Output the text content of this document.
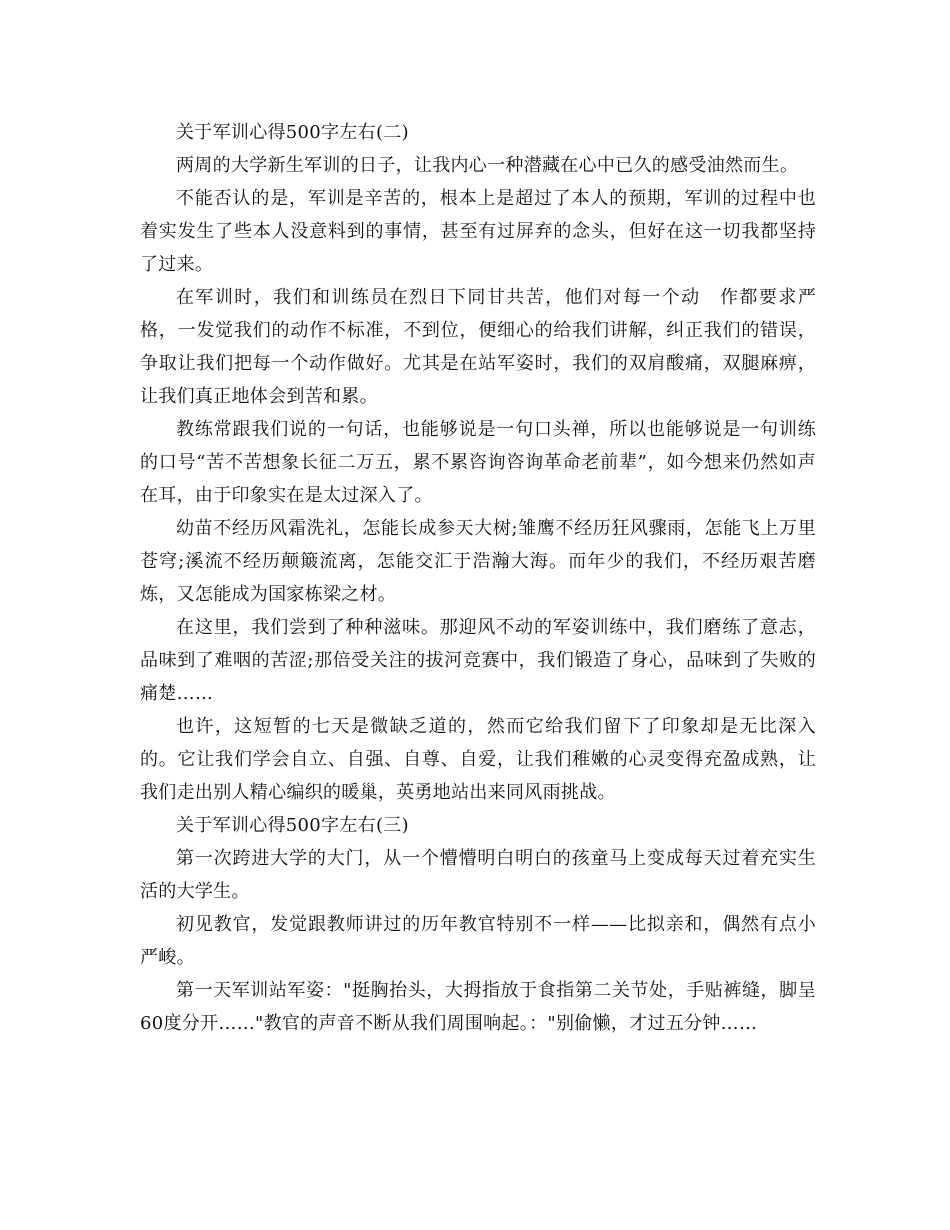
关于军训心得500字左右(二)

两周的大学新生军训的日子，让我内心一种潜藏在心中已久的感受油然而生。

不能否认的是，军训是辛苦的，根本上是超过了本人的预期，军训的过程中也着实发生了些本人没意料到的事情，甚至有过屏弃的念头，但好在这一切我都坚持了过来。

在军训时，我们和训练员在烈日下同甘共苦，他们对每一个动　作都要求严格，一发觉我们的动作不标准，不到位，便细心的给我们讲解，纠正我们的错误，争取让我们把每一个动作做好。尤其是在站军姿时，我们的双肩酸痛，双腿麻痹，让我们真正地体会到苦和累。

教练常跟我们说的一句话，也能够说是一句口头禅，所以也能够说是一句训练的口号“苦不苦想象长征二万五，累不累咨询咨询革命老前辈”，如今想来仍然如声在耳，由于印象实在是太过深入了。

幼苗不经历风霜洗礼，怎能长成参天大树;雏鹰不经历狂风骤雨，怎能飞上万里苍穹;溪流不经历颠簸流离，怎能交汇于浩瀚大海。而年少的我们，不经历艰苦磨炼，又怎能成为国家栋梁之材。

在这里，我们尝到了种种滋味。那迎风不动的军姿训练中，我们磨练了意志，品味到了难咽的苦涩;那倍受关注的拔河竞赛中，我们锻造了身心，品味到了失败的痛楚……

也许，这短暂的七天是微缺乏道的，然而它给我们留下了印象却是无比深入的。它让我们学会自立、自强、自尊、自爱，让我们稚嫩的心灵变得充盈成熟，让我们走出别人精心编织的暖巢，英勇地站出来同风雨挑战。

关于军训心得500字左右(三)

第一次跨进大学的大门，从一个懵懵明白明白的孩童马上变成每天过着充实生活的大学生。

初见教官，发觉跟教师讲过的历年教官特别不一样——比拟亲和，偶然有点小严峻。

第一天军训站军姿："挺胸抬头，大拇指放于食指第二关节处，手贴裤缝，脚呈60度分开……"教官的声音不断从我们周围响起。："别偷懒，才过五分钟……
